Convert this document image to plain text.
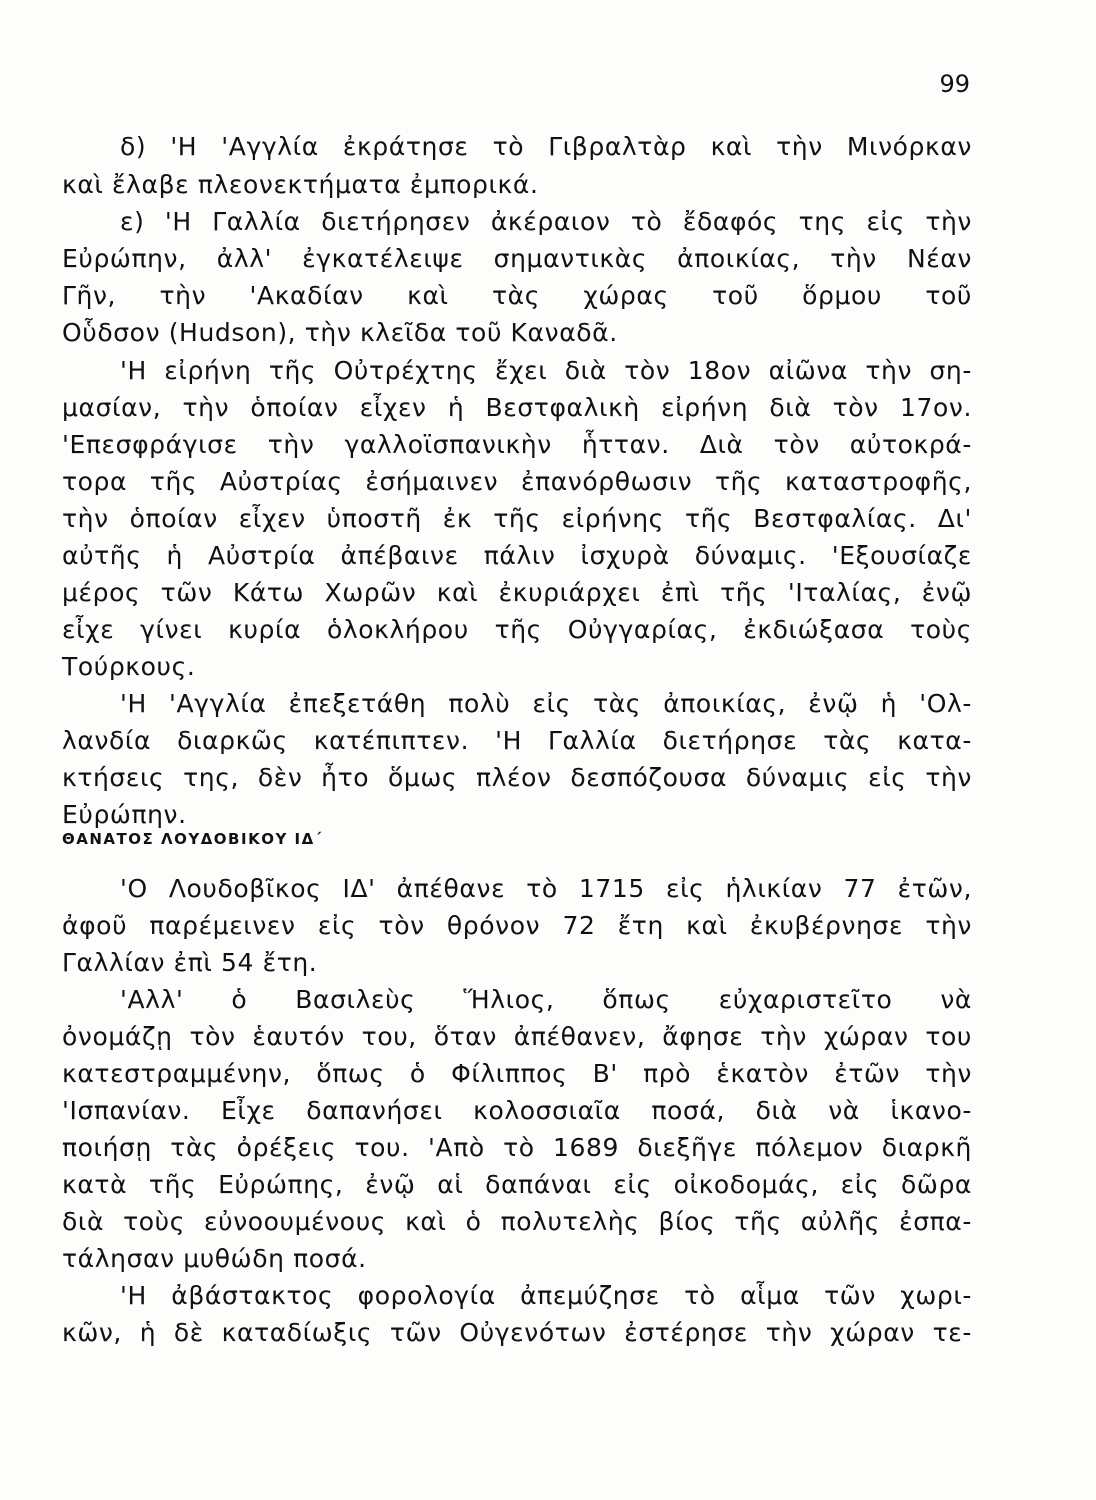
99
δ) 'Η 'Αγγλία ἐκράτησε τὸ Γιβραλτὰρ καὶ τὴν Μινόρκαν
καὶ ἔλαβε πλεονεκτήματα ἐμπορικά.
ε) 'Η Γαλλία διετήρησεν ἀκέραιον τὸ ἔδαφός της εἰς τὴν
Εὐρώπην, ἀλλ' ἐγκατέλειψε σημαντικὰς ἀποικίας, τὴν Νέαν
Γῆν, τὴν 'Ακαδίαν καὶ τὰς χώρας τοῦ ὅρμου τοῦ
Οὗδσον (Hudson), τὴν κλεῖδα τοῦ Καναδᾶ.
'Η εἰρήνη τῆς Οὐτρέχτης ἔχει διὰ τὸν 18ον αἰῶνα τὴν ση-
μασίαν, τὴν ὁποίαν εἶχεν ἡ Βεστφαλικὴ εἰρήνη διὰ τὸν 17ον.
'Επεσφράγισε τὴν γαλλοϊσπανικὴν ἧτταν. Διὰ τὸν αὐτοκρά-
τορα τῆς Αὐστρίας ἐσήμαινεν ἐπανόρθωσιν τῆς καταστροφῆς,
τὴν ὁποίαν εἶχεν ὑποστῆ ἐκ τῆς εἰρήνης τῆς Βεστφαλίας. Δι'
αὐτῆς ἡ Αὐστρία ἀπέβαινε πάλιν ἰσχυρὰ δύναμις. 'Εξουσίαζε
μέρος τῶν Κάτω Χωρῶν καὶ ἐκυριάρχει ἐπὶ τῆς 'Ιταλίας, ἐνῷ
εἶχε γίνει κυρία ὁλοκλήρου τῆς Οὐγγαρίας, ἐκδιώξασα τοὺς
Τούρκους.
'Η 'Αγγλία ἐπεξετάθη πολὺ εἰς τὰς ἀποικίας, ἐνῷ ἡ 'Ολ-
λανδία διαρκῶς κατέπιπτεν. 'Η Γαλλία διετήρησε τὰς κατα-
κτήσεις της, δὲν ἦτο ὅμως πλέον δεσπόζουσα δύναμις εἰς τὴν
Εὐρώπην.
ΘΑΝΑΤΟΣ ΛΟΥΔΟΒΙΚΟΥ ΙΔ΄
'Ο Λουδοβῖκος ΙΔ' ἀπέθανε τὸ 1715 εἰς ἡλικίαν 77 ἐτῶν,
ἀφοῦ παρέμεινεν εἰς τὸν θρόνον 72 ἔτη καὶ ἐκυβέρνησε τὴν
Γαλλίαν ἐπὶ 54 ἔτη.
'Αλλ' ὁ Βασιλεὺς Ἥλιος, ὅπως εὐχαριστεῖτο νὰ
ὀνομάζῃ τὸν ἑαυτόν του, ὅταν ἀπέθανεν, ἄφησε τὴν χώραν του
κατεστραμμένην, ὅπως ὁ Φίλιππος Β' πρὸ ἑκατὸν ἐτῶν τὴν
'Ισπανίαν. Εἶχε δαπανήσει κολοσσιαῖα ποσά, διὰ νὰ ἱκανο-
ποιήσῃ τὰς ὀρέξεις του. 'Απὸ τὸ 1689 διεξῆγε πόλεμον διαρκῆ
κατὰ τῆς Εὐρώπης, ἐνῷ αἱ δαπάναι εἰς οἰκοδομάς, εἰς δῶρα
διὰ τοὺς εὐνοουμένους καὶ ὁ πολυτελὴς βίος τῆς αὐλῆς ἐσπα-
τάλησαν μυθώδη ποσά.
'Η ἀβάστακτος φορολογία ἀπεμύζησε τὸ αἷμα τῶν χωρι-
κῶν, ἡ δὲ καταδίωξις τῶν Οὐγενότων ἐστέρησε τὴν χώραν τε-
